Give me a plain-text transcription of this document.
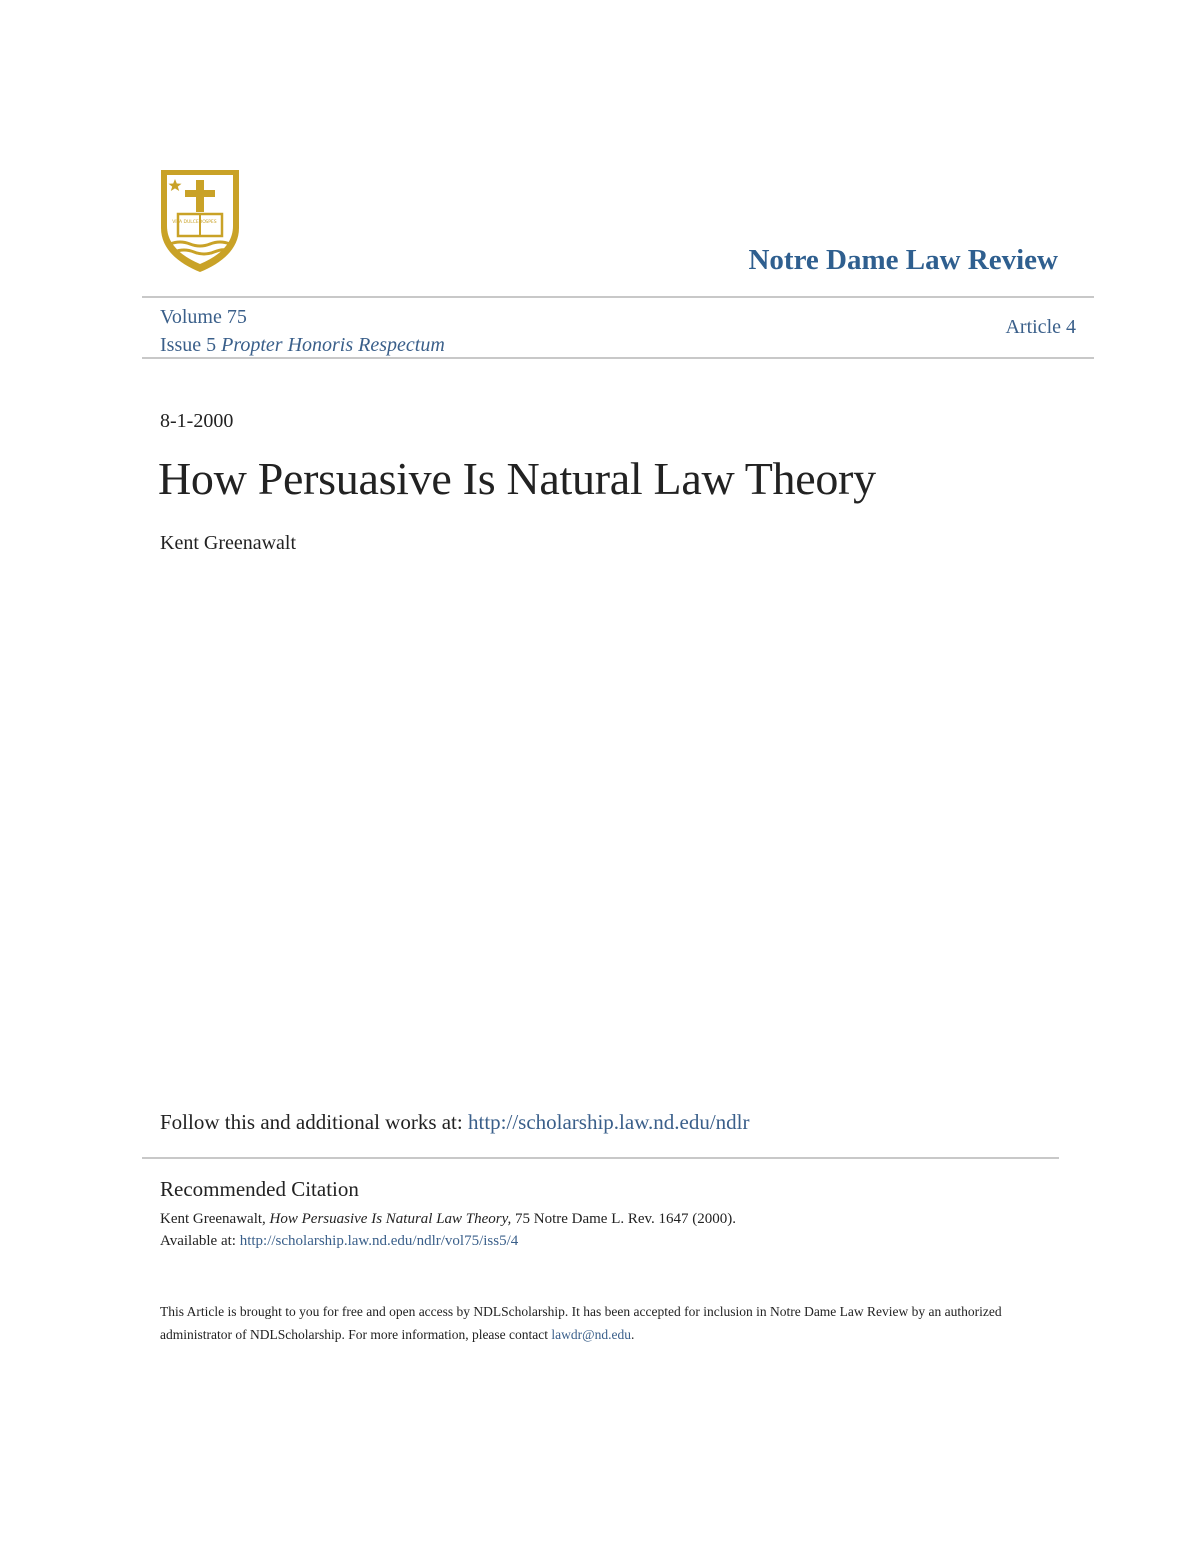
VITA DULCEDO SPES
Notre Dame Law Review
Volume 75
Issue 5 Propter Honoris Respectum
Article 4
8-1-2000
How Persuasive Is Natural Law Theory
Kent Greenawalt
Follow this and additional works at: http://scholarship.law.nd.edu/ndlr
Recommended Citation
Kent Greenawalt, How Persuasive Is Natural Law Theory, 75 Notre Dame L. Rev. 1647 (2000).
Available at: http://scholarship.law.nd.edu/ndlr/vol75/iss5/4
This Article is brought to you for free and open access by NDLScholarship. It has been accepted for inclusion in Notre Dame Law Review by an authorized administrator of NDLScholarship. For more information, please contact lawdr@nd.edu.
